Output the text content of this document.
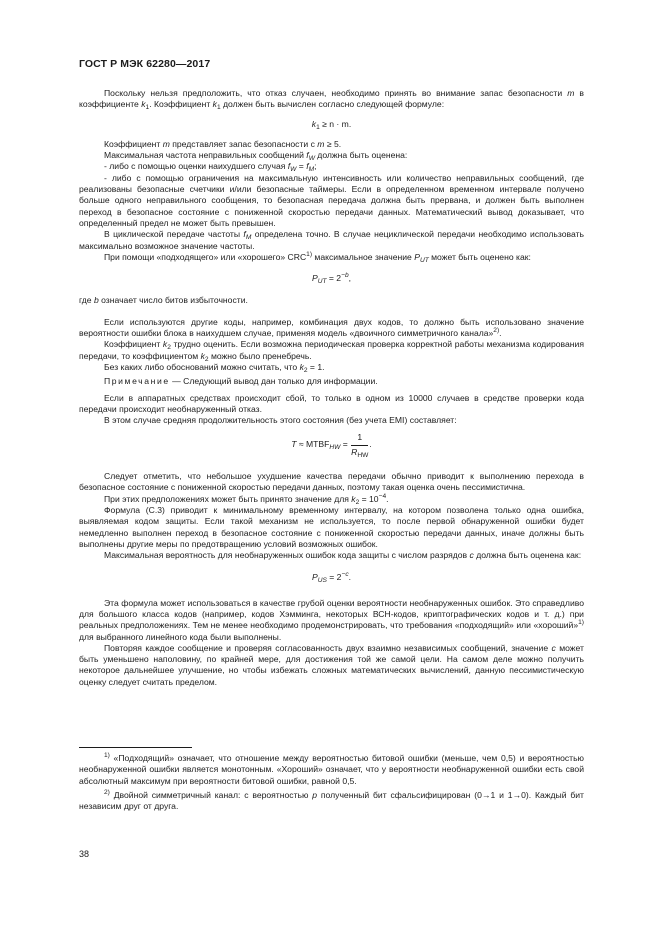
ГОСТ Р МЭК 62280—2017

Поскольку нельзя предположить, что отказ случаен, необходимо принять во внимание запас безопасности m в коэффициенте $k_1$. Коэффициент $k_1$ должен быть вычислен согласно следующей формуле:

$k_1 \ge n \cdot m$.

Коэффициент m представляет запас безопасности с m ≥ 5.

Максимальная частота неправильных сообщений $f_W$ должна быть оценена:

- либо с помощью оценки наихудшего случая $f_W = f_M$;

- либо с помощью ограничения на максимальную интенсивность или количество неправильных сообщений, где реализованы безопасные счетчики и/или безопасные таймеры. Если в определенном временном интервале получено больше одного неправильного сообщения, то безопасная передача должна быть прервана, и должен быть выполнен переход в безопасное состояние с пониженной скоростью передачи данных. Математический вывод доказывает, что определенный предел не может быть превышен.

В циклической передаче частоты $f_M$ определена точно. В случае нециклической передачи необходимо использовать максимально возможное значение частоты.

При помощи «подходящего» или «хорошего» CRC$^{1)}$ максимальное значение $P_{UT}$ может быть оценено как:

$P_{UT} = 2^{-b}$,

где b означает число битов избыточности.

Если используются другие коды, например, комбинация двух кодов, то должно быть использовано значение вероятности ошибки блока в наихудшем случае, применяя модель «двоичного симметричного канала»$^{2)}$.

Коэффициент $k_2$ трудно оценить. Если возможна периодическая проверка корректной работы механизма кодирования передачи, то коэффициентом $k_2$ можно было пренебречь.

Без каких либо обоснований можно считать, что $k_2 = 1$.

Примечание — Следующий вывод дан только для информации.

Если в аппаратных средствах происходит сбой, то только в одном из 10000 случаев в средстве проверки кода передачи происходит необнаруженный отказ.

В этом случае средняя продолжительность этого состояния (без учета EMI) составляет:

$T \approx MTBF_{HW} = \frac{1}{R_{HW}}$ .

Следует отметить, что небольшое ухудшение качества передачи обычно приводит к выполнению перехода в безопасное состояние с пониженной скоростью передачи данных, поэтому такая оценка очень пессимистична.

При этих предположениях может быть принято значение для $k_2 = 10^{-4}$.

Формула (С.3) приводит к минимальному временному интервалу, на котором позволена только одна ошибка, выявляемая кодом защиты. Если такой механизм не используется, то после первой обнаруженной ошибки будет немедленно выполнен переход в безопасное состояние с пониженной скоростью передачи данных, иначе должны быть выполнены другие меры по предотвращению условий возможных ошибок.

Максимальная вероятность для необнаруженных ошибок кода защиты с числом разрядов c должна быть оценена как:

$P_{US} = 2^{-c}$.

Эта формула может использоваться в качестве грубой оценки вероятности необнаруженных ошибок. Это справедливо для большого класса кодов (например, кодов Хэмминга, некоторых ВСН-кодов, криптографических кодов и т. д.) при реальных предположениях. Тем не менее необходимо продемонстрировать, что требования «подходящий» или «хороший»$^{1)}$ для выбранного линейного кода были выполнены.

Повторяя каждое сообщение и проверяя согласованность двух взаимно независимых сообщений, значение c может быть уменьшено наполовину, по крайней мере, для достижения той же самой цели. На самом деле можно получить некоторое дальнейшее улучшение, но чтобы избежать сложных математических вычислений, данную пессимистическую оценку следует считать пределом.

$^{1)}$ «Подходящий» означает, что отношение между вероятностью битовой ошибки (меньше, чем 0,5) и вероятностью необнаруженной ошибки является монотонным. «Хороший» означает, что у вероятности необнаруженной ошибки есть свой абсолютный максимум при вероятности битовой ошибки, равной 0,5.

$^{2)}$ Двойной симметричный канал: с вероятностью p полученный бит сфальсифицирован (0→1 и 1→0). Каждый бит независим друг от друга.

38
